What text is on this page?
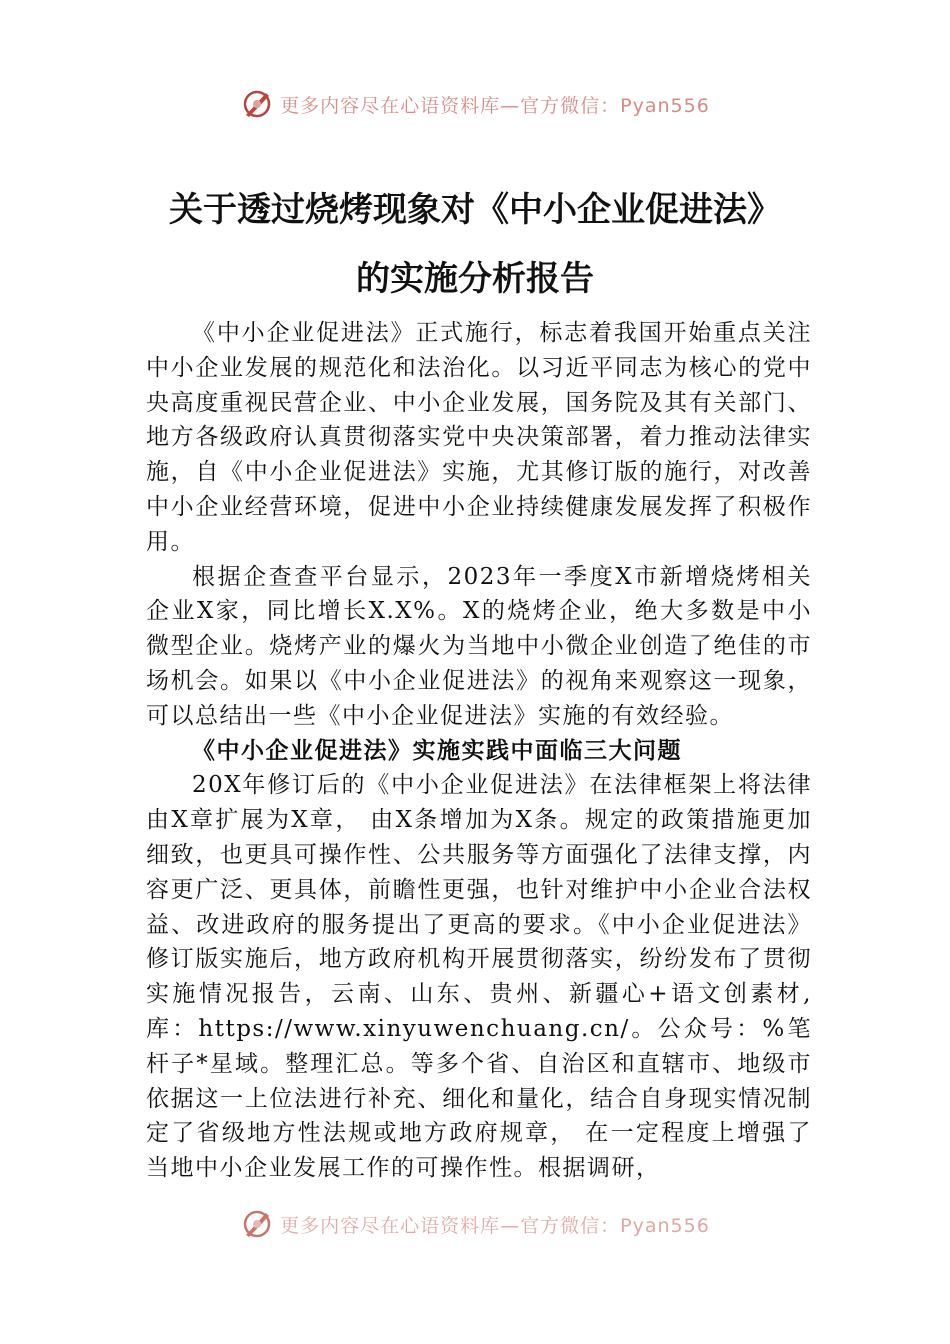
更多内容尽在心语资料库—官方微信：Pyan556
关于透过烧烤现象对《中小企业促进法》
的实施分析报告

《中小企业促进法》正式施行，标志着我国开始重点关注中小企业发展的规范化和法治化。以习近平同志为核心的党中央高度重视民营企业、中小企业发展，国务院及其有关部门、地方各级政府认真贯彻落实党中央决策部署，着力推动法律实施，自《中小企业促进法》实施，尤其修订版的施行，对改善中小企业经营环境，促进中小企业持续健康发展发挥了积极作用。

根据企查查平台显示，2023年一季度X市新增烧烤相关企业X家，同比增长X.X%。X的烧烤企业，绝大多数是中小微型企业。烧烤产业的爆火为当地中小微企业创造了绝佳的市场机会。如果以《中小企业促进法》的视角来观察这一现象，可以总结出一些《中小企业促进法》实施的有效经验。

《中小企业促进法》实施实践中面临三大问题

20X年修订后的《中小企业促进法》在法律框架上将法律由X章扩展为X章， 由X条增加为X条。规定的政策措施更加细致，也更具可操作性、公共服务等方面强化了法律支撑，内容更广泛、更具体，前瞻性更强，也针对维护中小企业合法权益、改进政府的服务提出了更高的要求。《中小企业促进法》修订版实施后，地方政府机构开展贯彻落实，纷纷发布了贯彻实施情况报告，云南、山东、贵州、新疆心+语文创素材,库：https://www.xinyuwenchuang.cn/。公众号：%笔杆子*星域。整理汇总。等多个省、自治区和直辖市、地级市依据这一上位法进行补充、细化和量化，结合自身现实情况制定了省级地方性法规或地方政府规章， 在一定程度上增强了当地中小企业发展工作的可操作性。根据调研，

更多内容尽在心语资料库—官方微信：Pyan556
